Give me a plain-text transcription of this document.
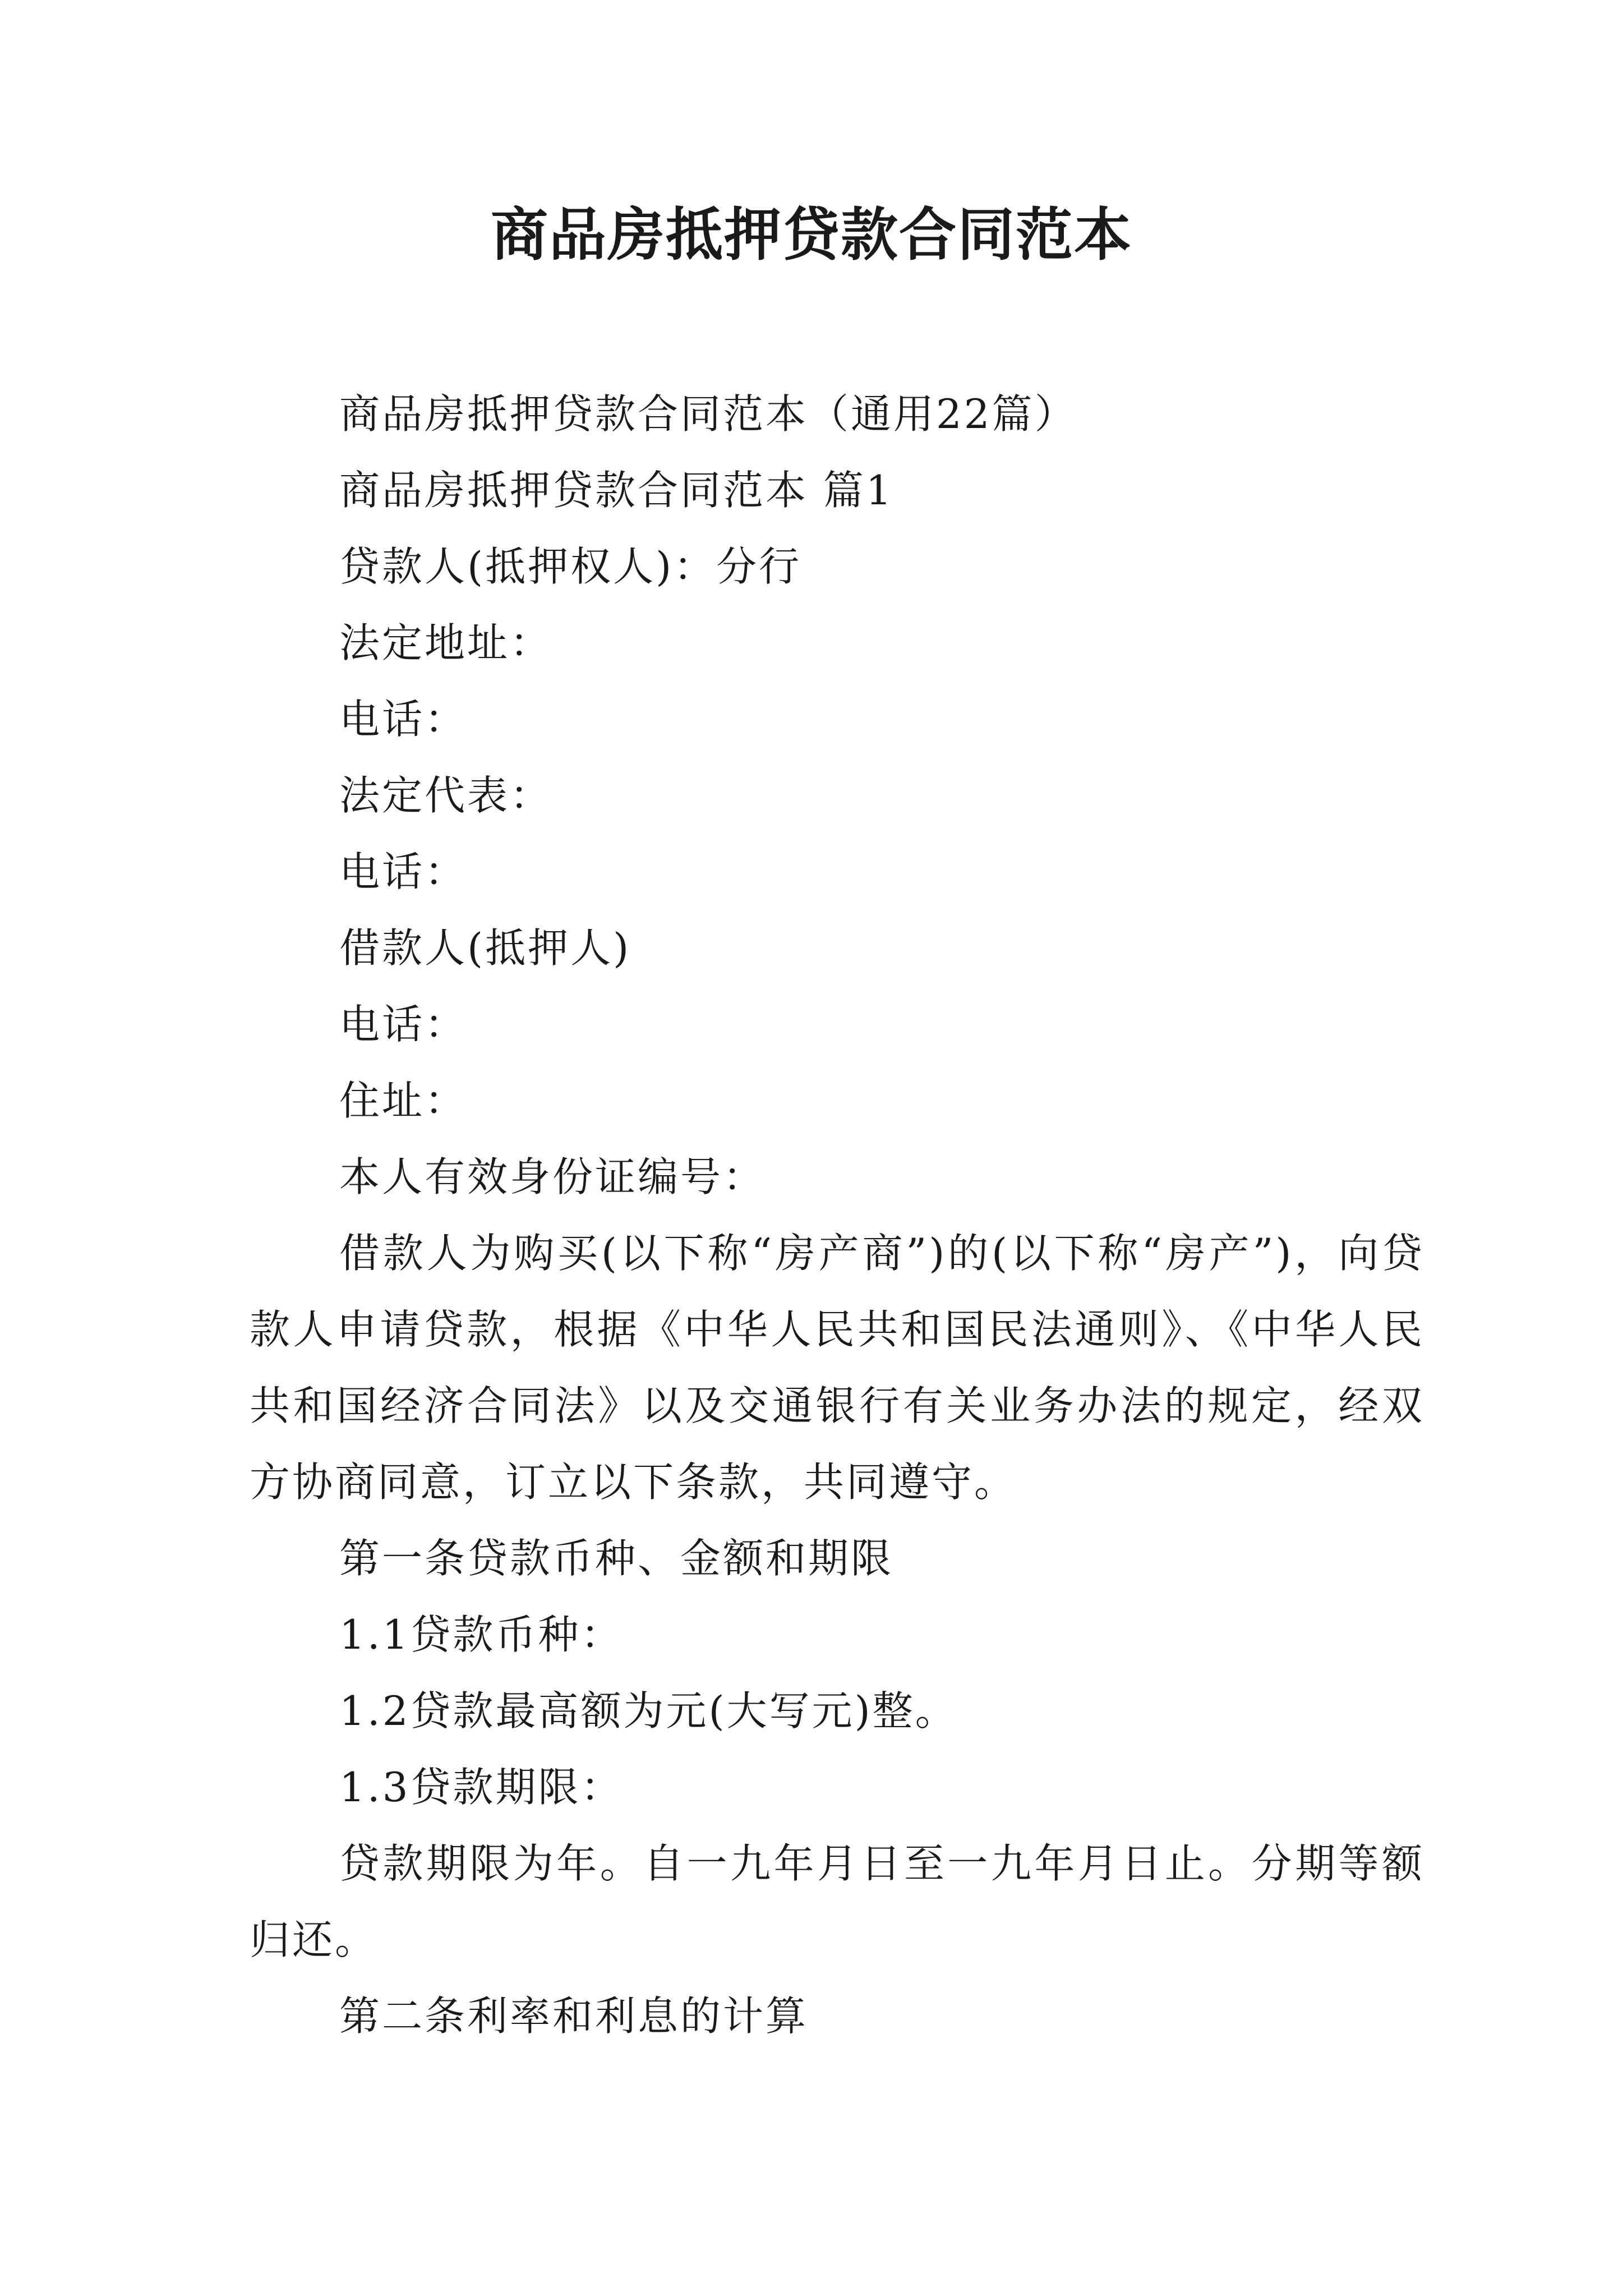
商品房抵押贷款合同范本

商品房抵押贷款合同范本（通用22篇）

商品房抵押贷款合同范本 篇1

贷款人(抵押权人)：分行

法定地址：

电话：

法定代表：

电话：

借款人(抵押人)

电话：

住址：

本人有效身份证编号：

借款人为购买(以下称“房产商”)的(以下称“房产”)，向贷款人申请贷款，根据《中华人民共和国民法通则》、《中华人民共和国经济合同法》以及交通银行有关业务办法的规定，经双方协商同意，订立以下条款，共同遵守。

第一条贷款币种、金额和期限

1.1贷款币种：

1.2贷款最高额为元(大写元)整。

1.3贷款期限：

贷款期限为年。自一九年月日至一九年月日止。分期等额归还。

第二条利率和利息的计算
